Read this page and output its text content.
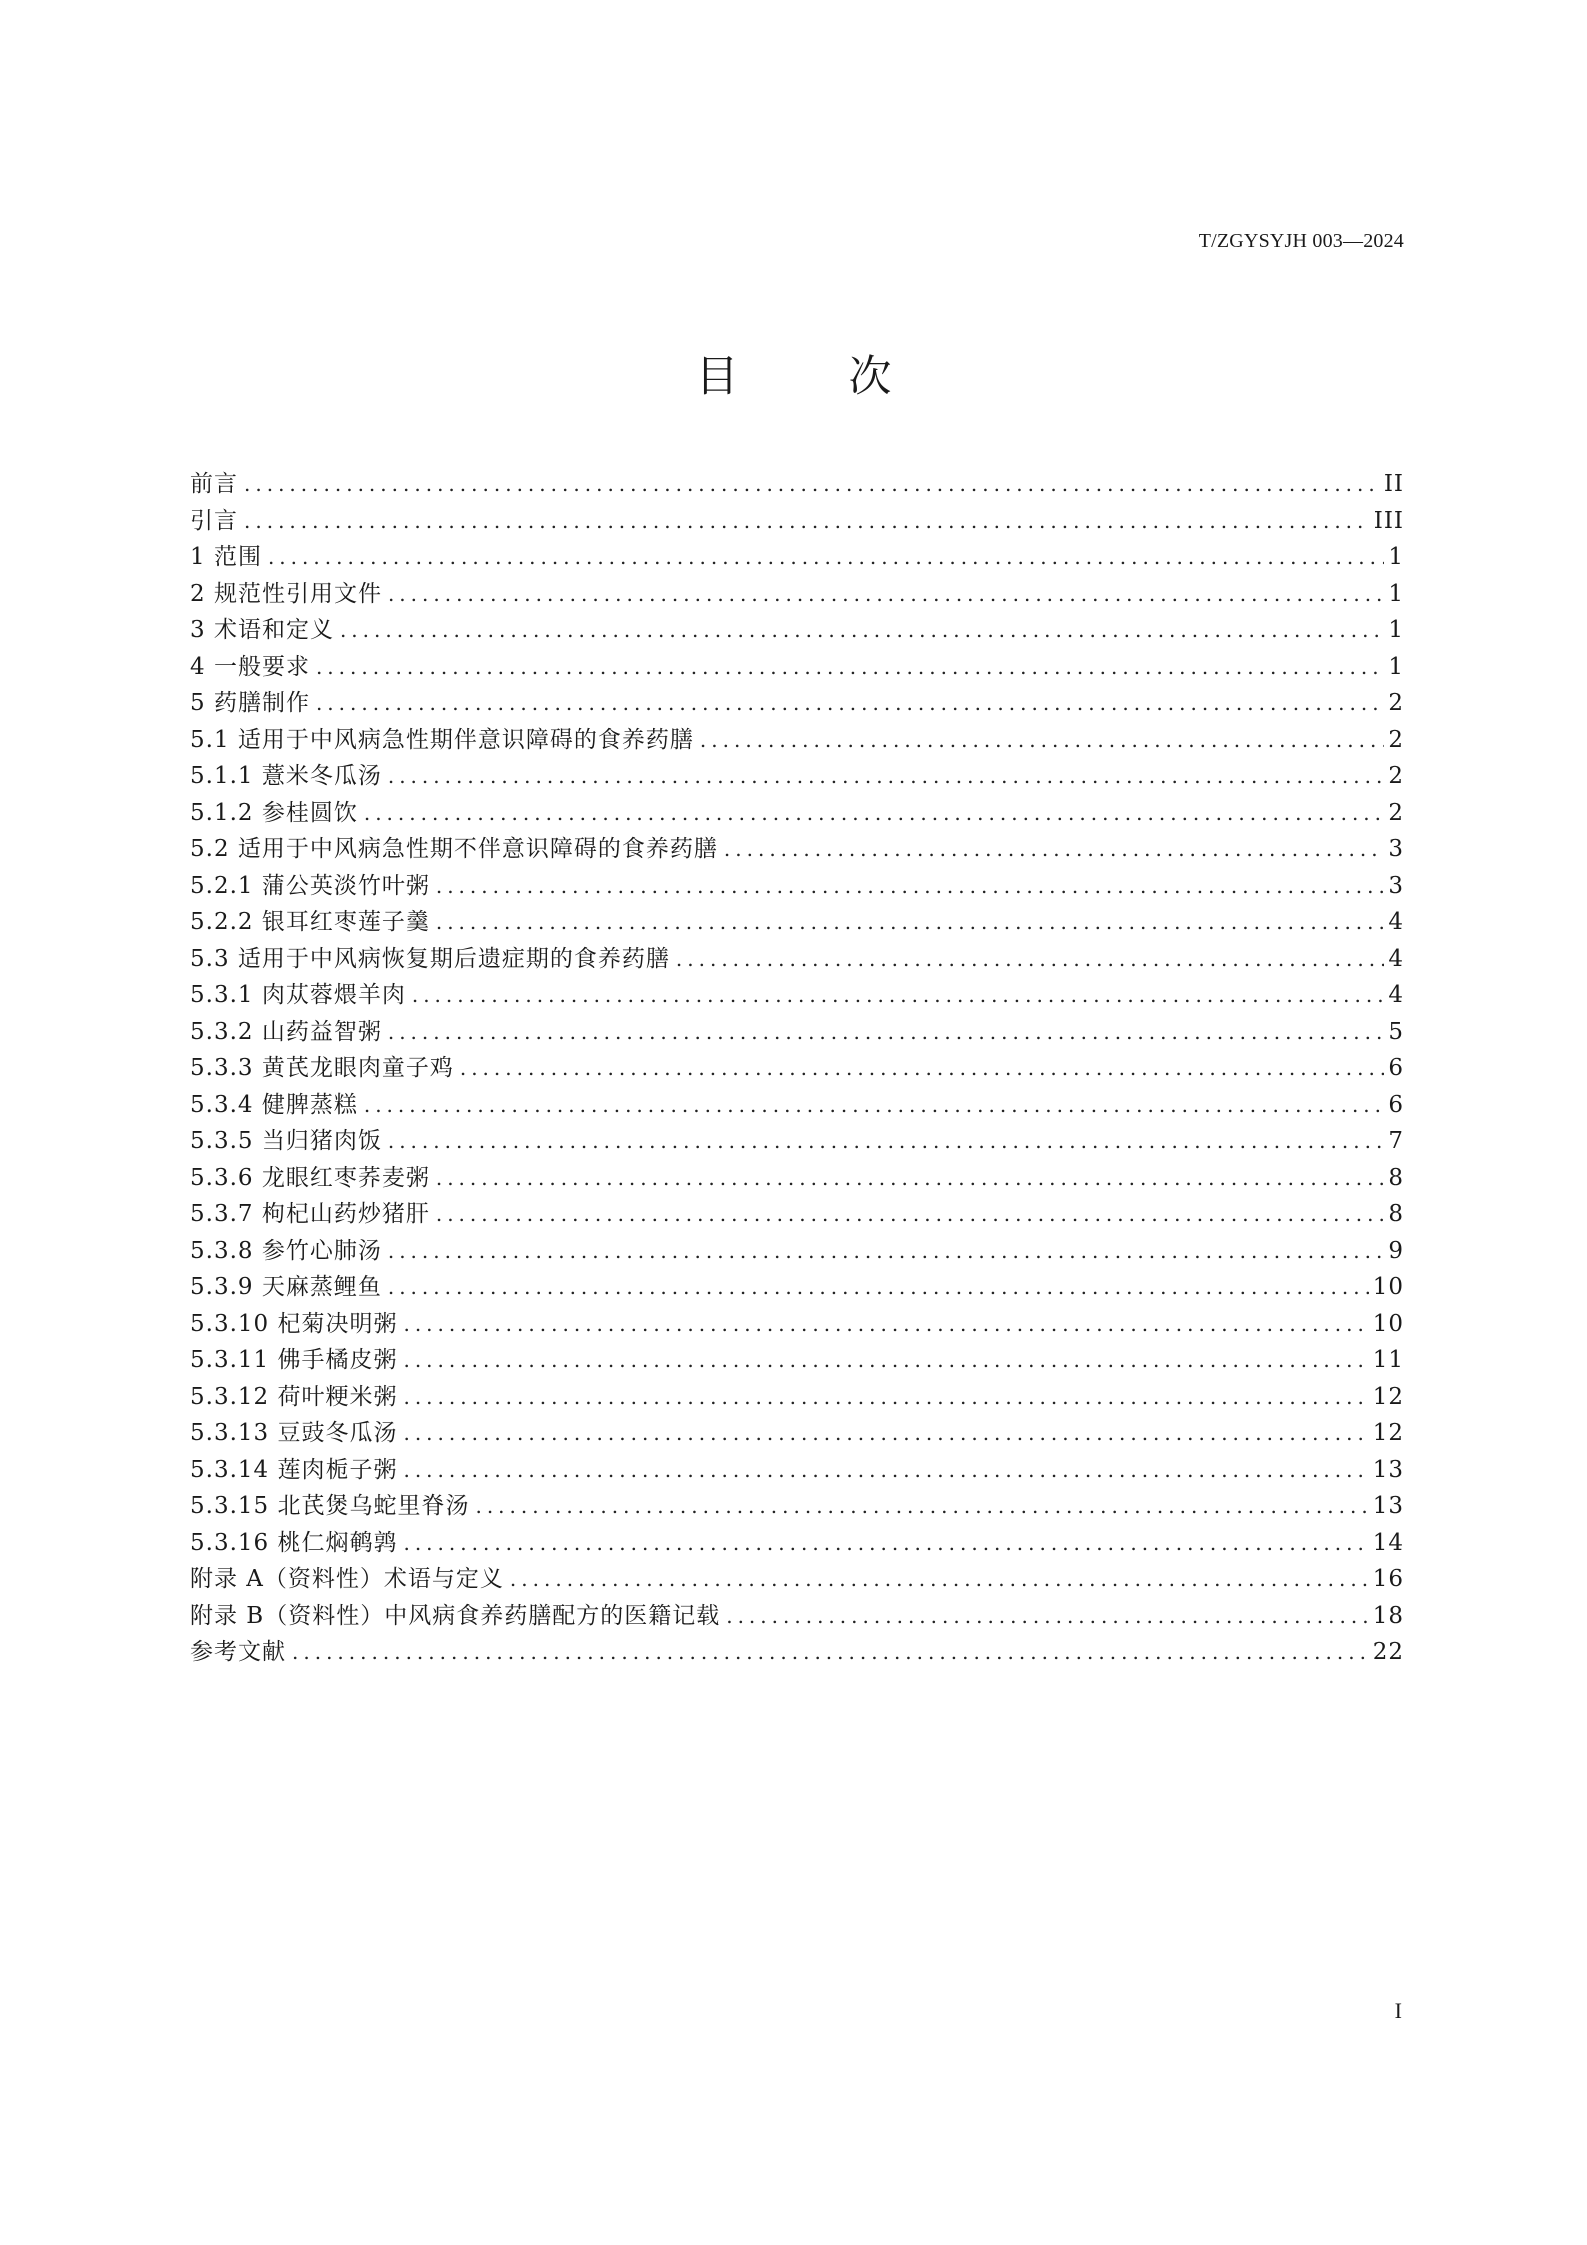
T/ZGYSYJH 003—2024
目	次
前言 .....	II
引言 .....	III
1 范围 .....	1
2 规范性引用文件 .....	1
3 术语和定义 .....	1
4 一般要求 .....	1
5 药膳制作 .....	2
5.1 适用于中风病急性期伴意识障碍的食养药膳 .....	2
5.1.1 薏米冬瓜汤 .....	2
5.1.2 参桂圆饮 .....	2
5.2 适用于中风病急性期不伴意识障碍的食养药膳 .....	3
5.2.1 蒲公英淡竹叶粥 .....	3
5.2.2 银耳红枣莲子羹 .....	4
5.3 适用于中风病恢复期后遗症期的食养药膳 .....	4
5.3.1 肉苁蓉煨羊肉 .....	4
5.3.2 山药益智粥 .....	5
5.3.3 黄芪龙眼肉童子鸡 .....	6
5.3.4 健脾蒸糕 .....	6
5.3.5 当归猪肉饭 .....	7
5.3.6 龙眼红枣荞麦粥 .....	8
5.3.7 枸杞山药炒猪肝 .....	8
5.3.8 参竹心肺汤 .....	9
5.3.9 天麻蒸鲤鱼 .....	10
5.3.10 杞菊决明粥 .....	10
5.3.11 佛手橘皮粥 .....	11
5.3.12 荷叶粳米粥 .....	12
5.3.13 豆豉冬瓜汤 .....	12
5.3.14 莲肉栀子粥 .....	13
5.3.15 北芪煲乌蛇里脊汤 .....	13
5.3.16 桃仁焖鹌鹑 .....	14
附录 A（资料性）术语与定义 .....	16
附录 B（资料性）中风病食养药膳配方的医籍记载 .....	18
参考文献 .....	22
I
